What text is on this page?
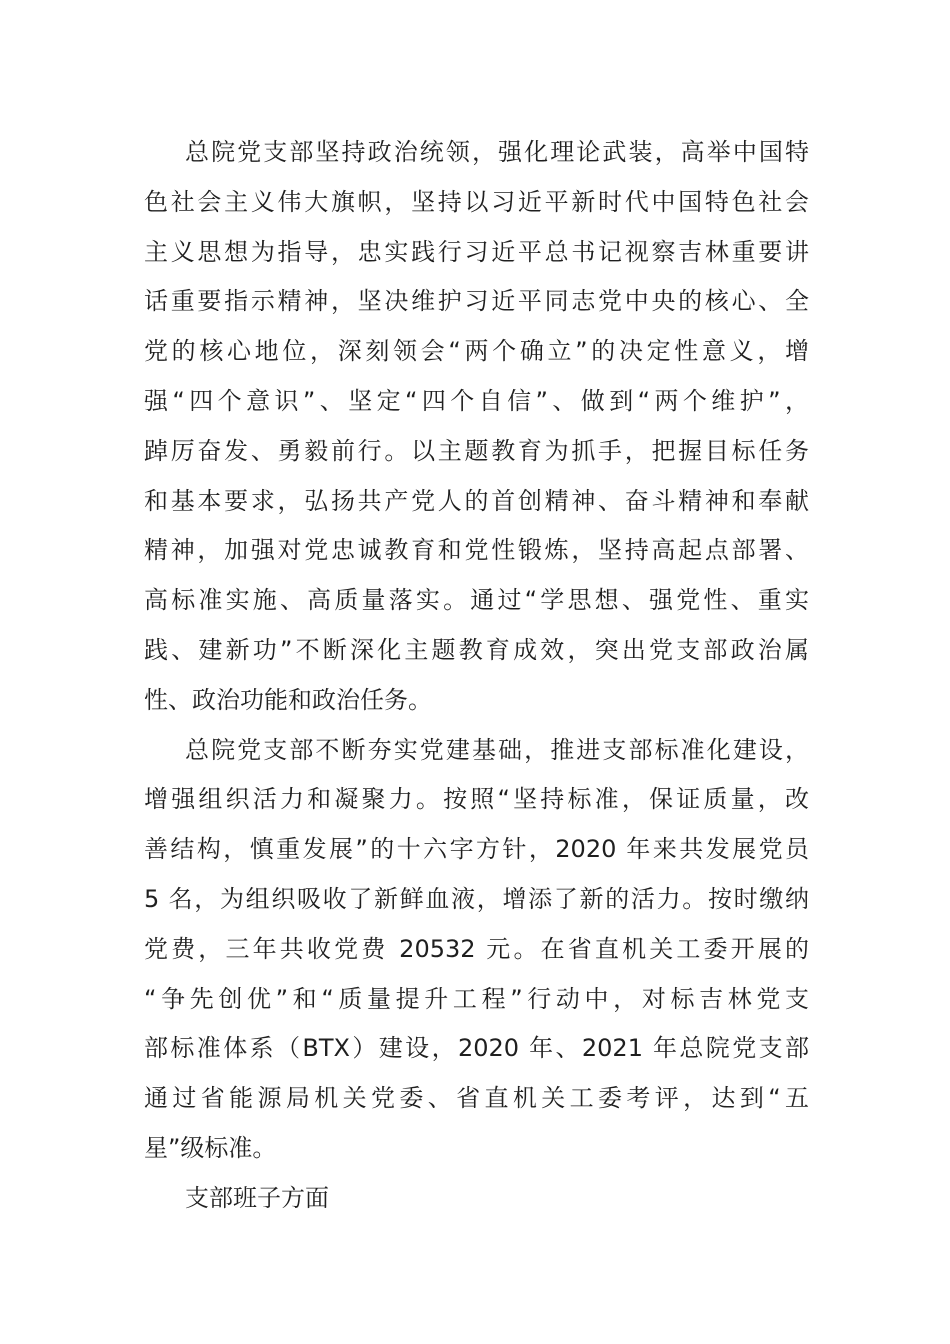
总院党支部坚持政治统领，强化理论武装，高举中国特
色社会主义伟大旗帜，坚持以习近平新时代中国特色社会
主义思想为指导，忠实践行习近平总书记视察吉林重要讲
话重要指示精神，坚决维护习近平同志党中央的核心、全
党的核心地位，深刻领会“两个确立”的决定性意义，增
强“四个意识”、坚定“四个自信”、做到“两个维护”，
踔厉奋发、勇毅前行。以主题教育为抓手，把握目标任务
和基本要求，弘扬共产党人的首创精神、奋斗精神和奉献
精神，加强对党忠诚教育和党性锻炼，坚持高起点部署、
高标准实施、高质量落实。通过“学思想、强党性、重实
践、建新功”不断深化主题教育成效，突出党支部政治属
性、政治功能和政治任务。
总院党支部不断夯实党建基础，推进支部标准化建设，
增强组织活力和凝聚力。按照“坚持标准，保证质量，改
善结构，慎重发展”的十六字方针，2020 年来共发展党员
5 名，为组织吸收了新鲜血液，增添了新的活力。按时缴纳
党费，三年共收党费 20532 元。在省直机关工委开展的
“争先创优”和“质量提升工程”行动中，对标吉林党支
部标准体系（BTX）建设，2020 年、2021 年总院党支部
通过省能源局机关党委、省直机关工委考评，达到“五
星”级标准。
支部班子方面
